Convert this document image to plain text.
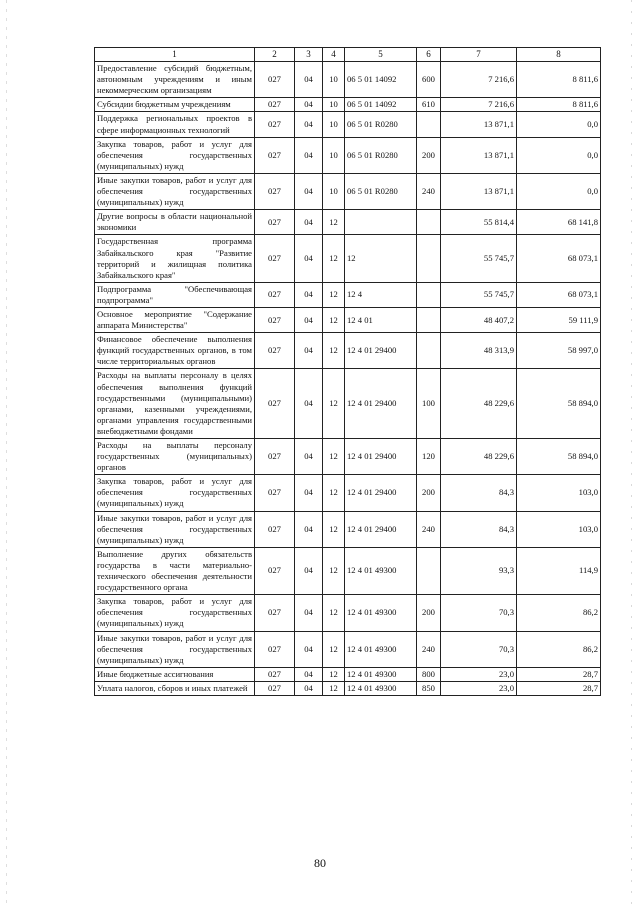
1	2	3	4	5	6	7	8
Предоставление субсидий бюджетным, автономным учреждениям и иным некоммерческим организациям	027	04	10	06 5 01 14092	600	7 216,6	8 811,6
Субсидии бюджетным учреждениям	027	04	10	06 5 01 14092	610	7 216,6	8 811,6
Поддержка региональных проектов в сфере информационных технологий	027	04	10	06 5 01 R0280		13 871,1	0,0
Закупка товаров, работ и услуг для обеспечения государственных (муниципальных) нужд	027	04	10	06 5 01 R0280	200	13 871,1	0,0
Иные закупки товаров, работ и услуг для обеспечения государственных (муниципальных) нужд	027	04	10	06 5 01 R0280	240	13 871,1	0,0
Другие вопросы в области национальной экономики	027	04	12			55 814,4	68 141,8
Государственная программа Забайкальского края "Развитие территорий и жилищная политика Забайкальского края"	027	04	12	12		55 745,7	68 073,1
Подпрограмма "Обеспечивающая подпрограмма"	027	04	12	12 4		55 745,7	68 073,1
Основное мероприятие "Содержание аппарата Министерства"	027	04	12	12 4 01		48 407,2	59 111,9
Финансовое обеспечение выполнения функций государственных органов, в том числе территориальных органов	027	04	12	12 4 01 29400		48 313,9	58 997,0
Расходы на выплаты персоналу в целях обеспечения выполнения функций государственными (муниципальными) органами, казенными учреждениями, органами управления государственными внебюджетными фондами	027	04	12	12 4 01 29400	100	48 229,6	58 894,0
Расходы на выплаты персоналу государственных (муниципальных) органов	027	04	12	12 4 01 29400	120	48 229,6	58 894,0
Закупка товаров, работ и услуг для обеспечения государственных (муниципальных) нужд	027	04	12	12 4 01 29400	200	84,3	103,0
Иные закупки товаров, работ и услуг для обеспечения государственных (муниципальных) нужд	027	04	12	12 4 01 29400	240	84,3	103,0
Выполнение других обязательств государства в части материально-технического обеспечения деятельности государственного органа	027	04	12	12 4 01 49300		93,3	114,9
Закупка товаров, работ и услуг для обеспечения государственных (муниципальных) нужд	027	04	12	12 4 01 49300	200	70,3	86,2
Иные закупки товаров, работ и услуг для обеспечения государственных (муниципальных) нужд	027	04	12	12 4 01 49300	240	70,3	86,2
Иные бюджетные ассигнования	027	04	12	12 4 01 49300	800	23,0	28,7
Уплата налогов, сборов и иных платежей	027	04	12	12 4 01 49300	850	23,0	28,7
80
